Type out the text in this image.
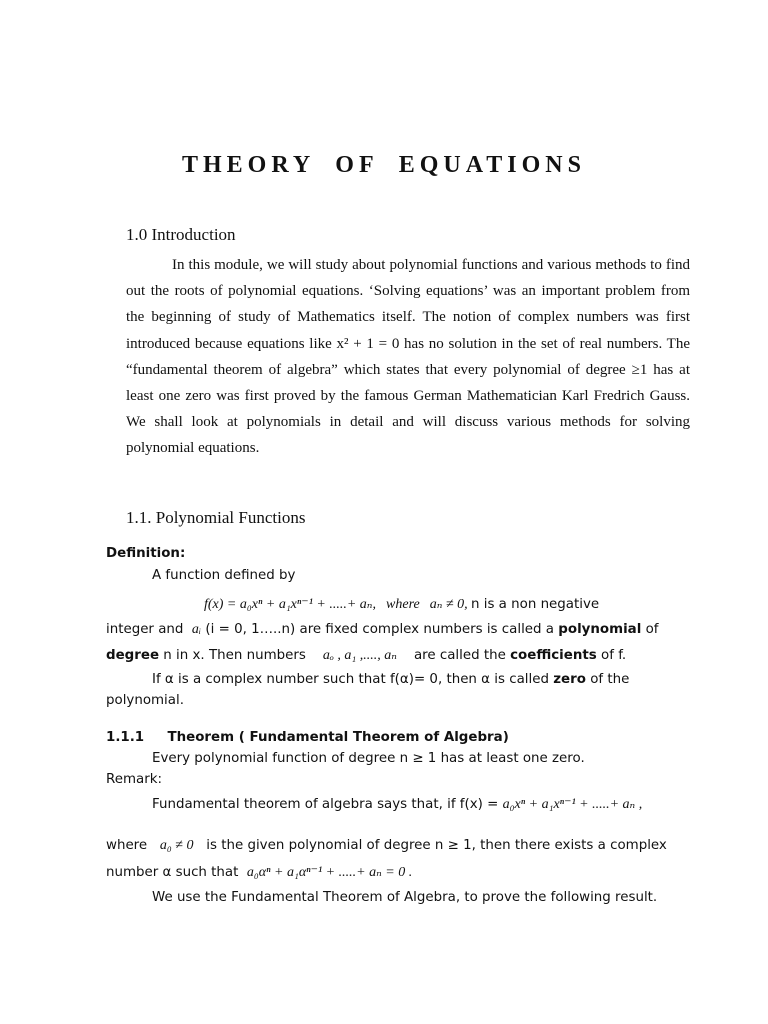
THEORY OF EQUATIONS
1.0 Introduction
In this module, we will study about polynomial functions and various methods to find out the roots of polynomial equations. ‘Solving equations’ was an important problem from the beginning of study of Mathematics itself. The notion of complex numbers was first introduced because equations like x² + 1 = 0 has no solution in the set of real numbers. The “fundamental theorem of algebra” which states that every polynomial of degree ≥1 has at least one zero was first proved by the famous German Mathematician Karl Fredrich Gauss. We shall look at polynomials in detail and will discuss various methods for solving polynomial equations.
1.1. Polynomial Functions
Definition:
A function defined by
f(x) = a₀xⁿ + a₁xⁿ⁻¹ + .....+ aₙ, where aₙ ≠ 0, n is a non negative
integer and aᵢ (i = 0, 1…..n) are fixed complex numbers is called a polynomial of
degree n in x. Then numbers aₒ , a₁ ,...., aₙ are called the coefficients of f.
If α is a complex number such that f(α)= 0, then α is called zero of the
polynomial.
1.1.1 Theorem ( Fundamental Theorem of Algebra)
Every polynomial function of degree n ≥ 1 has at least one zero.
Remark:
Fundamental theorem of algebra says that, if f(x) = a₀xⁿ + a₁xⁿ⁻¹ + .....+ aₙ ,
where a₀ ≠ 0 is the given polynomial of degree n ≥ 1, then there exists a complex
number α such that a₀αⁿ + a₁αⁿ⁻¹ + .....+ aₙ = 0 .
We use the Fundamental Theorem of Algebra, to prove the following result.
